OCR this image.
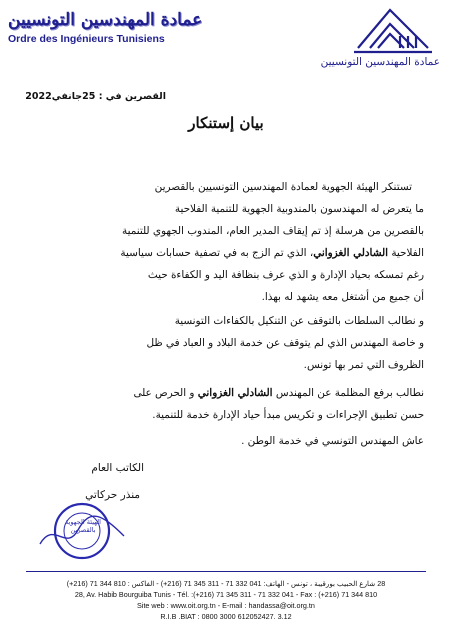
عمادة المهندسين التونسيين
Ordre des Ingénieurs Tunisiens
عمادة المهندسين التونسيين
القصرين في : 25جانفي2022
بيان إستنكار

تستنكر الهيئة الجهوية لعمادة المهندسين التونسيين بالقصرين
ما يتعرض له المهندسون بالمندوبية الجهوية للتنمية الفلاحية
بالقصرين من هرسلة إذ تم إيقاف المدير العام، المندوب الجهوي للتنمية
الفلاحية الشادلي الغزواني، الذي تم الزج به في تصفية حسابات سياسية
رغم تمسكه بحياد الإدارة و الذي عرف بنظافة اليد و الكفاءة حيث
أن جميع من أشتغل معه يشهد له بهذا.

و نطالب السلطات بالتوقف عن التنكيل بالكفاءات التونسية
و خاصة المهندس الذي لم يتوقف عن خدمة البلاد و العباد في ظل
الظروف التي تمر بها تونس.

نطالب برفع المظلمة عن المهندس الشادلي الغزواني و الحرص على
حسن تطبيق الإجراءات و تكريس مبدأ حياد الإدارة خدمة للتنمية.

عاش المهندس التونسي في خدمة الوطن .

الكاتب العام
منذر حركاتي
الهيئة الجهوية بالقصرين
28 شارع الحبيب بورقيبة ، تونس - الهاتف: 041 332 71 - 311 345 71 (216+) - الفاكس : 810 344 71 (216+)
28, Av. Habib Bourguiba Tunis - Tél. :(+216) 71 345 311 - 71 332 041 - Fax : (+216) 71 344 810
Site web : www.oit.org.tn - E-mail : handassa@oit.org.tn
R.I.B .BIAT : 0800 3000 612052427. 3.12
